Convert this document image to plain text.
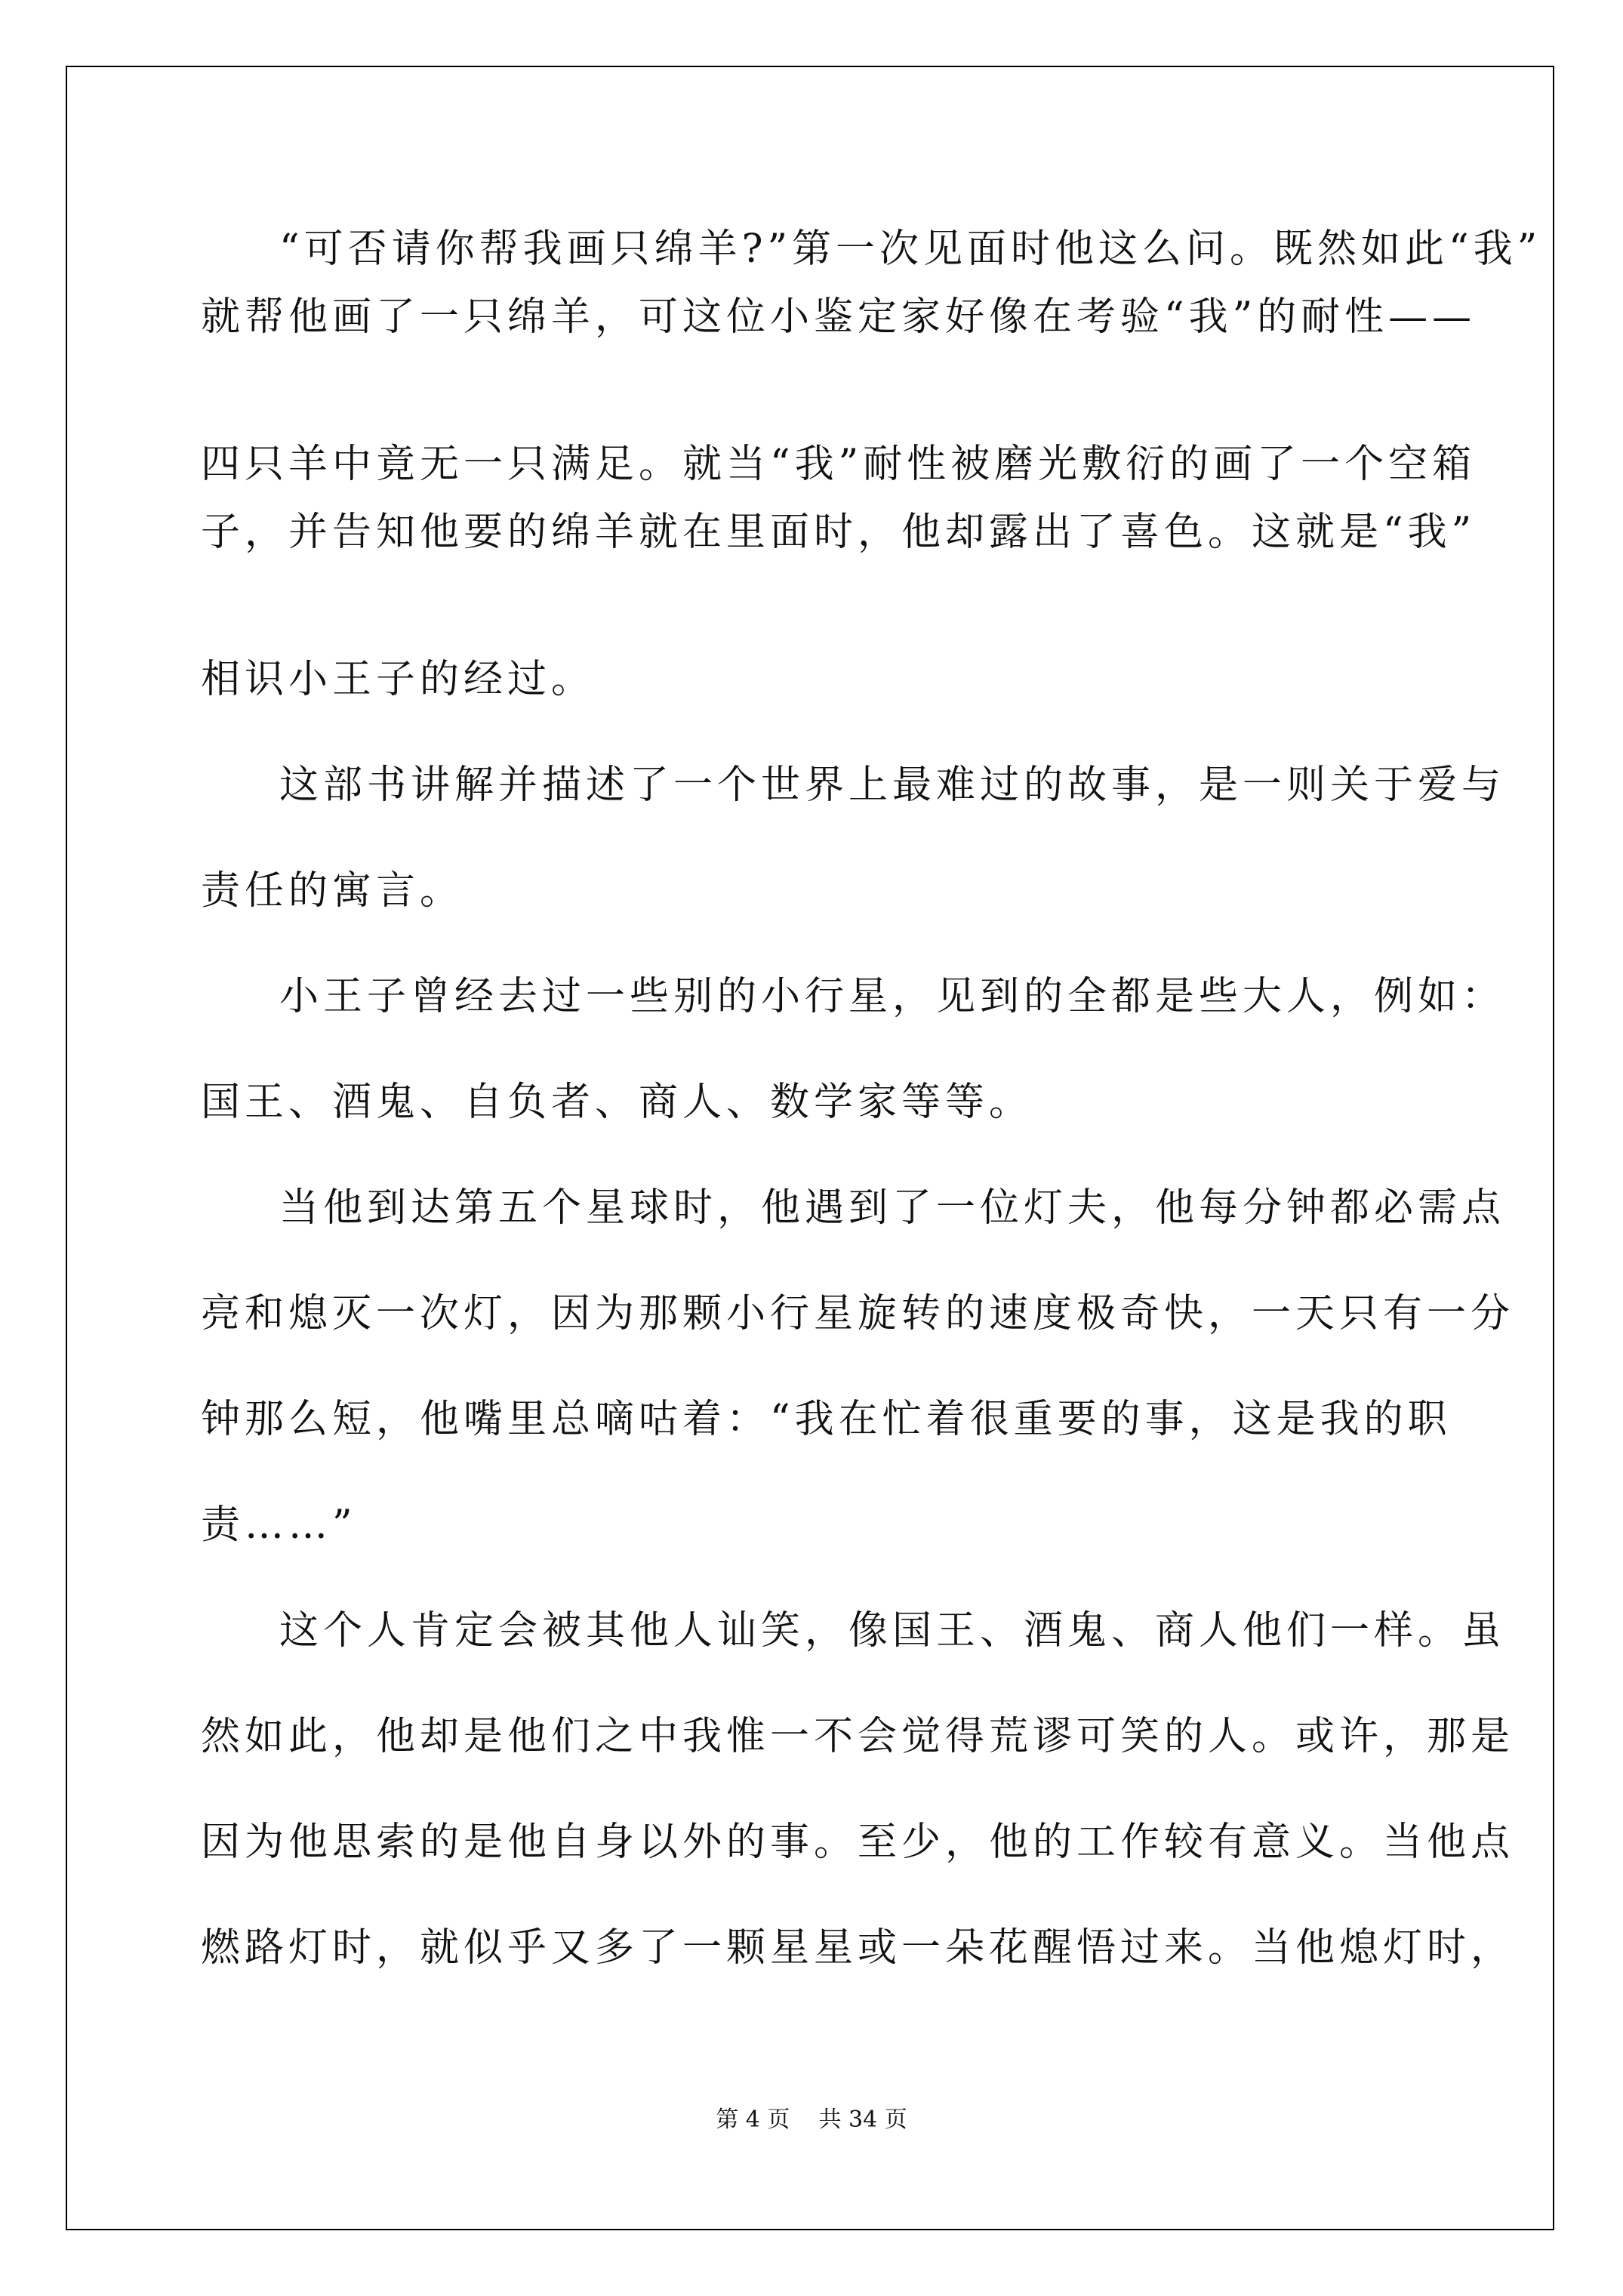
“可否请你帮我画只绵羊?”第一次见面时他这么问。既然如此“我”

就帮他画了一只绵羊，可这位小鉴定家好像在考验“我”的耐性——

四只羊中竟无一只满足。就当“我”耐性被磨光敷衍的画了一个空箱

子，并告知他要的绵羊就在里面时，他却露出了喜色。这就是“我”

相识小王子的经过。

这部书讲解并描述了一个世界上最难过的故事，是一则关于爱与

责任的寓言。

小王子曾经去过一些别的小行星，见到的全都是些大人，例如：

国王、酒鬼、自负者、商人、数学家等等。

当他到达第五个星球时，他遇到了一位灯夫，他每分钟都必需点

亮和熄灭一次灯，因为那颗小行星旋转的速度极奇快，一天只有一分

钟那么短，他嘴里总嘀咕着：“我在忙着很重要的事，这是我的职

责……”

这个人肯定会被其他人讪笑，像国王、酒鬼、商人他们一样。虽

然如此，他却是他们之中我惟一不会觉得荒谬可笑的人。或许，那是

因为他思索的是他自身以外的事。至少，他的工作较有意义。当他点

燃路灯时，就似乎又多了一颗星星或一朵花醒悟过来。当他熄灯时，

第 4 页    共 34 页
